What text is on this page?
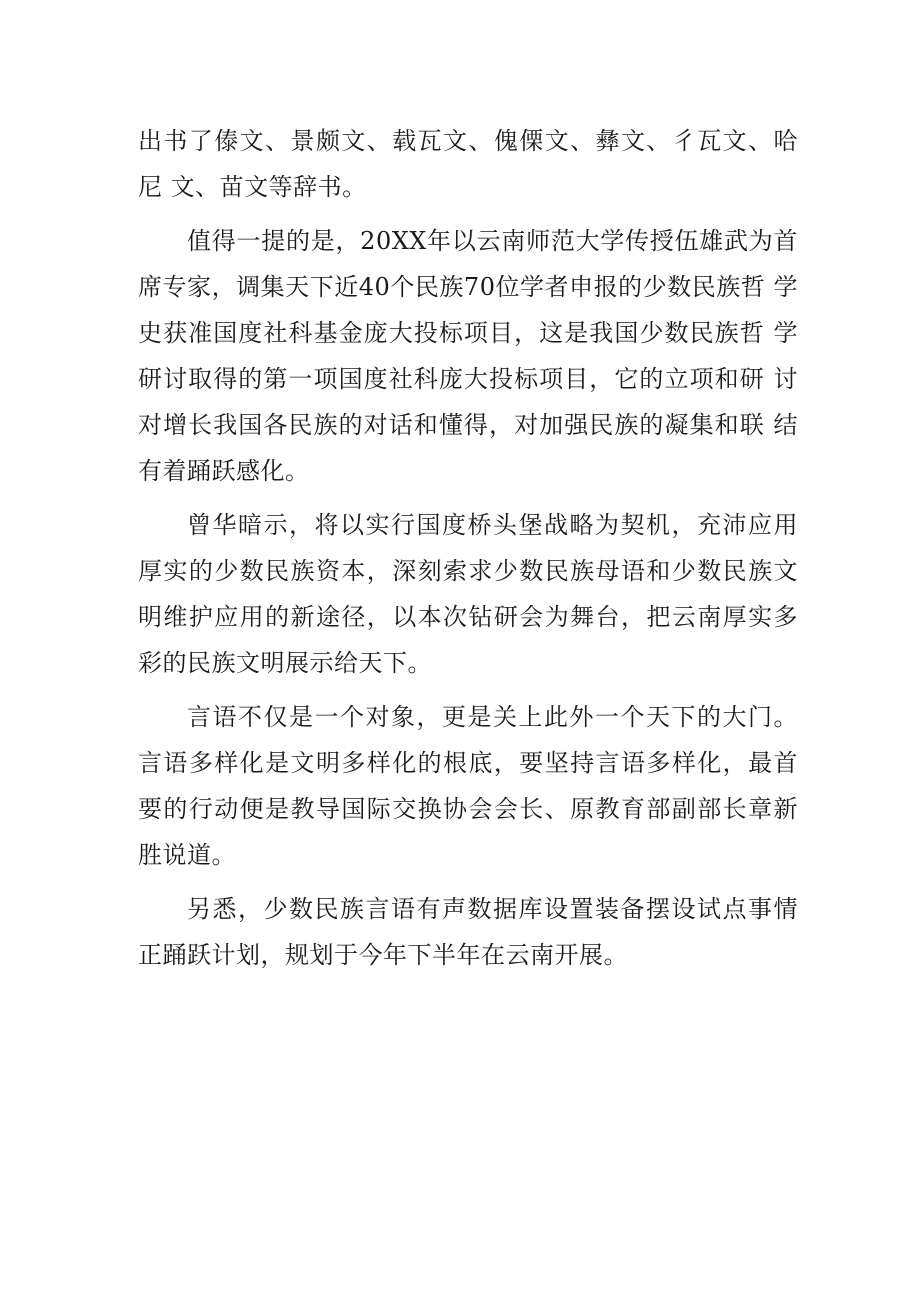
出书了傣文、景颇文、载瓦文、傀傈文、彝文、彳瓦文、哈尼 文、苗文等辞书。

值得一提的是，20XX年以云南师范大学传授伍雄武为首 席专家，调集天下近40个民族70位学者申报的少数民族哲 学史获准国度社科基金庞大投标项目，这是我国少数民族哲 学研讨取得的第一项国度社科庞大投标项目，它的立项和研 讨对增长我国各民族的对话和懂得，对加强民族的凝集和联 结有着踊跃感化。

曾华暗示，将以实行国度桥头堡战略为契机，充沛应用 厚实的少数民族资本，深刻索求少数民族母语和少数民族文 明维护应用的新途径，以本次钻研会为舞台，把云南厚实多 彩的民族文明展示给天下。

言语不仅是一个对象，更是关上此外一个天下的大门。 言语多样化是文明多样化的根底，要坚持言语多样化，最首 要的行动便是教导国际交换协会会长、原教育部副部长章新 胜说道。

另悉，少数民族言语有声数据库设置装备摆设试点事情 正踊跃计划，规划于今年下半年在云南开展。
